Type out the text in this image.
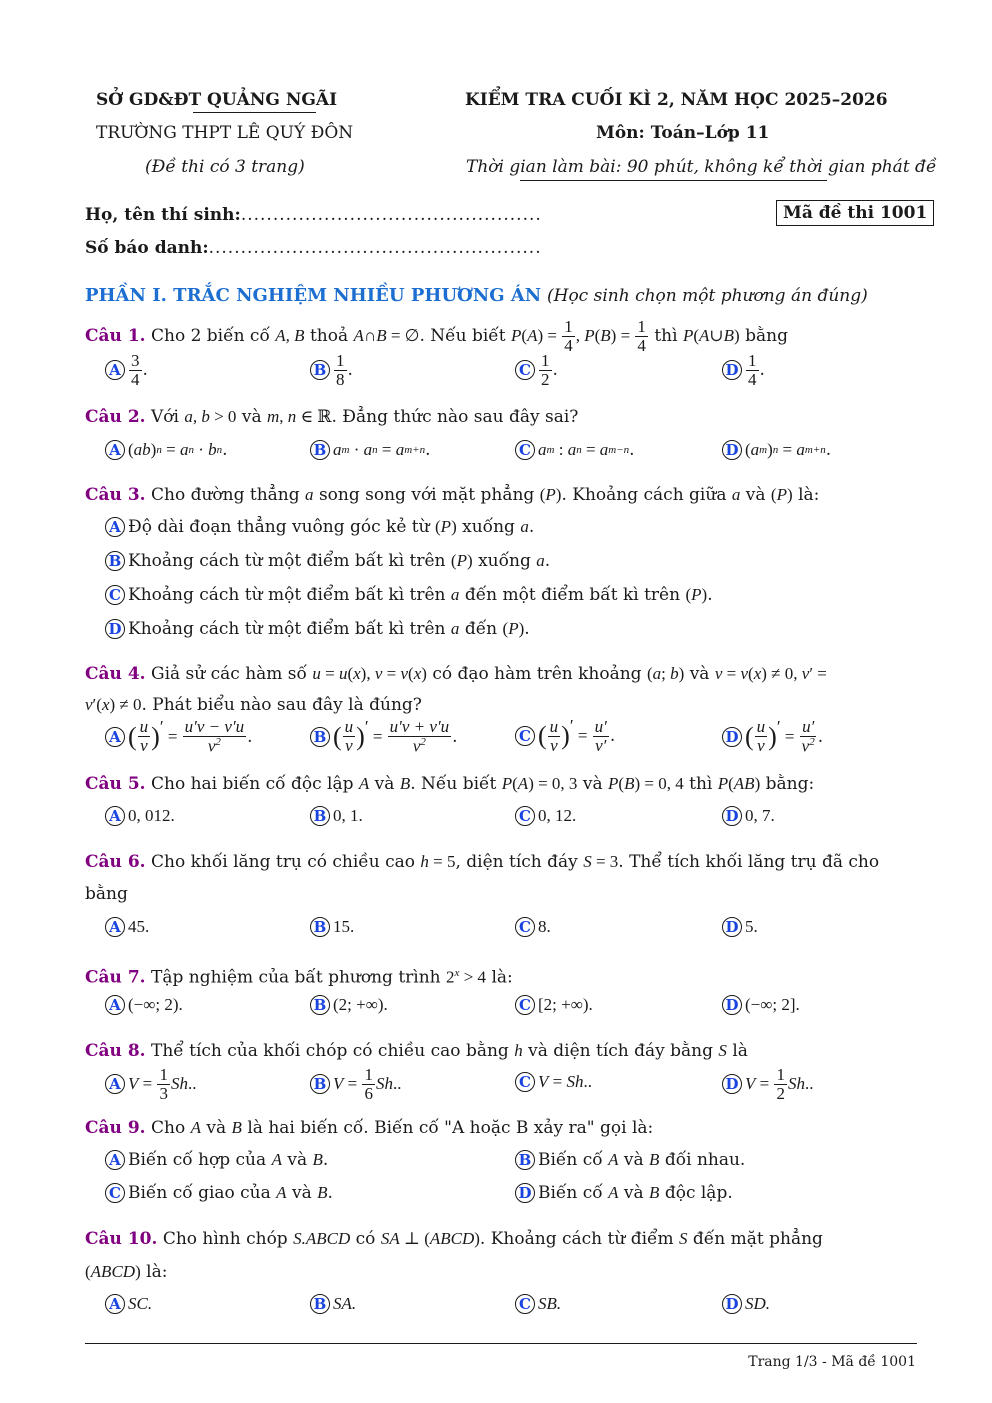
SỞ GD&ĐT QUẢNG NGÃI
TRƯỜNG THPT LÊ QUÝ ĐÔN
(Đề thi có 3 trang)
KIỂM TRA CUỐI KÌ 2, NĂM HỌC 2025–2026
Môn: Toán–Lớp 11
Thời gian làm bài: 90 phút, không kể thời gian phát đề
Họ, tên thí sinh:...............................................	Mã đề thi 1001
Số báo danh:....................................................
PHẦN I. TRẮC NGHIỆM NHIỀU PHƯƠNG ÁN (Học sinh chọn một phương án đúng)
Câu 1.
Cho 2 biến cố
A, B
thoả
A ∩ B = ∅ . Nếu biết
P ( A ) = $\frac{1}{4}$ , P ( B ) = $\frac{1}{4}$
thì
P ( A ∪ B )
bằng
A $\frac{3}{4}$ .	B $\frac{1}{8}$ .	C $\frac{1}{2}$ .	D $\frac{1}{4}$ .
Câu 2. Với a, b > 0 và m, n ∈ ℝ. Đẳng thức nào sau đây sai?
A ( ab ) n = a n · b n .	B a m · a n = a m+n .	C a m : a n = a m−n .	D ( a m ) n = a m+n .
Câu 3. Cho đường thẳng a song song với mặt phẳng (P). Khoảng cách giữa a và (P) là:
A Độ dài đoạn thẳng vuông góc kẻ từ
( P )
xuống
a .
B Khoảng cách từ một điểm bất kì trên
( P )
xuống
a .
C Khoảng cách từ một điểm bất kì trên
a
đến một điểm bất kì trên
( P ) .
D Khoảng cách từ một điểm bất kì trên
a
đến
( P ) .
Câu 4. Giả sử các hàm số u = u(x), v = v(x) có đạo hàm trên khoảng (a; b) và v = v(x) ≠ 0, v′ =
v′(x) ≠ 0. Phát biểu nào sau đây là đúng?
A ( $\frac{u}{v}$ ) ′
= $\frac{u'v - v'u}{v^2}$ .	B ( $\frac{u}{v}$ ) ′
= $\frac{u'v + v'u}{v^2}$ .	C ( $\frac{u}{v}$ ) ′
= $\frac{u'}{v'}$ .	D ( $\frac{u}{v}$ ) ′
= $\frac{u'}{v^2}$ .
Câu 5. Cho hai biến cố độc lập A và B. Nếu biết P(A) = 0, 3 và P(B) = 0, 4 thì P(AB) bằng:
A 0, 012.	B 0, 1.	C 0, 12.	D 0, 7.
Câu 6. Cho khối lăng trụ có chiều cao h = 5, diện tích đáy S = 3. Thể tích khối lăng trụ đã cho
bằng
A 45.	B 15.	C 8.	D 5.
Câu 7. Tập nghiệm của bất phương trình $2^x > 4$ là:
A (−∞; 2).	B (2; +∞).	C [2; +∞).	D (−∞; 2].
Câu 8. Thể tích của khối chóp có chiều cao bằng h và diện tích đáy bằng S là
A $V = \frac{1}{3}$ Sh ..	B $V = \frac{1}{6}$ Sh ..	C V = Sh ..	D $V = \frac{1}{2}$ Sh ..
Câu 9. Cho A và B là hai biến cố. Biến cố "A hoặc B xảy ra" gọi là:
A Biến cố hợp của
A
và
B .	B Biến cố
A
và
B
đối nhau.
C Biến cố giao của
A
và
B .	D Biến cố
A
và
B
độc lập.
Câu 10. Cho hình chóp S.ABCD có SA ⊥ (ABCD). Khoảng cách từ điểm S đến mặt phẳng
(ABCD) là:
A SC.	B SA.	C SB.	D SD.
Trang 1/3 - Mã đề 1001
